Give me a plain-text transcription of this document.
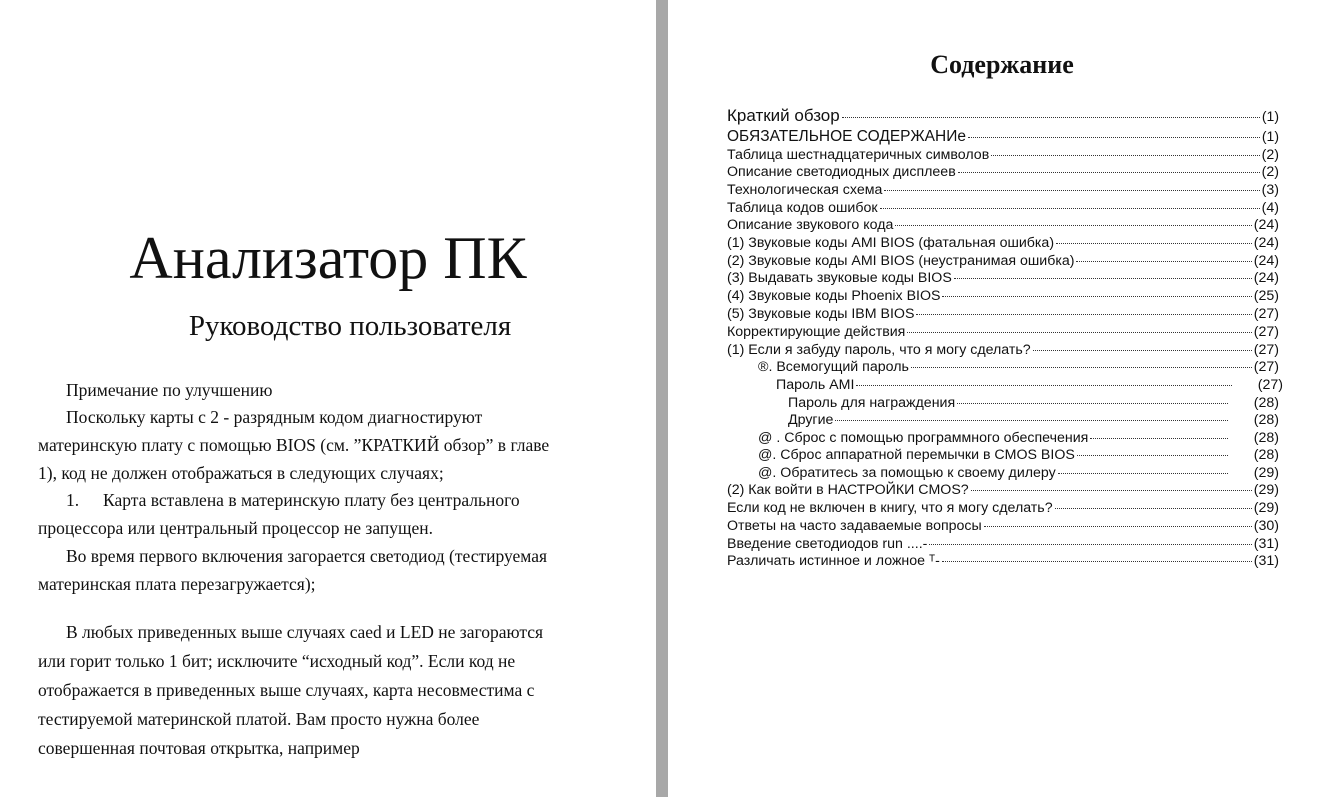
Анализатор ПК
Руководство пользователя

Примечание по улучшению

Поскольку карты с 2 - разрядным кодом диагностируют

материнскую плату с помощью BIOS (см. ”КРАТКИЙ обзор” в главе

1), код не должен отображаться в следующих случаях;

1. Карта вставлена в материнскую плату без центрального

процессора или центральный процессор не запущен.

Во время первого включения загорается светодиод (тестируемая

материнская плата перезагружается);

В любых приведенных выше случаях caed и LED не загораются

или горит только 1 бит; исключите “исходный код”. Если код не

отображается в приведенных выше случаях, карта несовместима с

тестируемой материнской платой. Вам просто нужна более

совершенная почтовая открытка, например

Содержание
Краткий обзор	(1)
ОБЯЗАТЕЛЬНОЕ СОДЕРЖАНИе	(1)
Таблица шестнадцатеричных символов	(2)
Описание светодиодных дисплеев	(2)
Технологическая схема	(3)
Таблица кодов ошибок	(4)
Описание звукового кода	(24)
(1) Звуковые коды AMI BIOS (фатальная ошибка)	(24)
(2) Звуковые коды AMI BIOS (неустранимая ошибка)	(24)
(3) Выдавать звуковые коды BIOS	(24)
(4) Звуковые коды Phoenix BIOS	(25)
(5) Звуковые коды IBM BIOS	(27)
Корректирующие действия	(27)
(1) Если я забуду пароль, что я могу сделать?	(27)
®. Всемогущий пароль	(27)
Пароль AMI	(27)
Пароль для награждения	(28)
Другие	(28)
@ . Сброс с помощью программного обеспечения	(28)
@. Сброс аппаратной перемычки в CMOS BIOS	(28)
@. Обратитесь за помощью к своему дилеру	(29)
(2) Как войти в НАСТРОЙКИ CMOS?	(29)
Если код не включен в книгу, что я могу сделать?	(29)
Ответы на часто задаваемые вопросы	(30)
Введение светодиодов run ....-	(31)
Различать истинное и ложное ᵀ-	(31)
